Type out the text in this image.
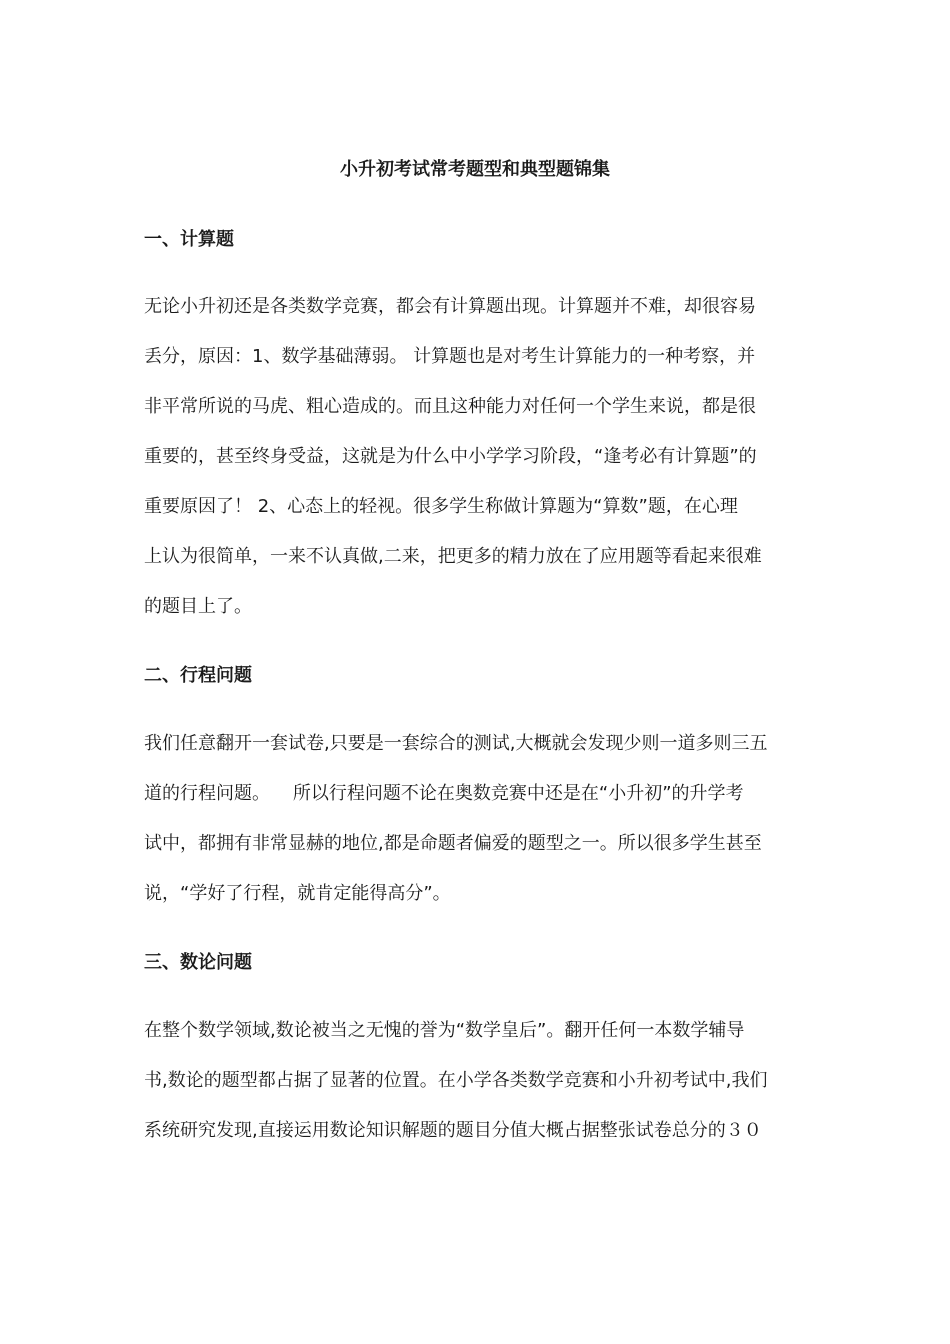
小升初考试常考题型和典型题锦集
一、计算题
无论小升初还是各类数学竞赛，都会有计算题出现。计算题并不难，却很容易
丢分，原因：1、数学基础薄弱。 计算题也是对考生计算能力的一种考察，并
非平常所说的马虎、粗心造成的。而且这种能力对任何一个学生来说，都是很
重要的，甚至终身受益，这就是为什么中小学学习阶段，“逢考必有计算题”的
重要原因了！ 2、心态上的轻视。很多学生称做计算题为“算数”题，在心理
上认为很简单，一来不认真做,二来，把更多的精力放在了应用题等看起来很难
的题目上了。
二、行程问题
我们任意翻开一套试卷,只要是一套综合的测试,大概就会发现少则一道多则三五
道的行程问题。    所以行程问题不论在奥数竞赛中还是在“小升初”的升学考
试中，都拥有非常显赫的地位,都是命题者偏爱的题型之一。所以很多学生甚至
说，“学好了行程，就肯定能得高分”。
三、数论问题
在整个数学领域,数论被当之无愧的誉为“数学皇后”。翻开任何一本数学辅导
书,数论的题型都占据了显著的位置。在小学各类数学竞赛和小升初考试中,我们
系统研究发现,直接运用数论知识解题的题目分值大概占据整张试卷总分的３０
